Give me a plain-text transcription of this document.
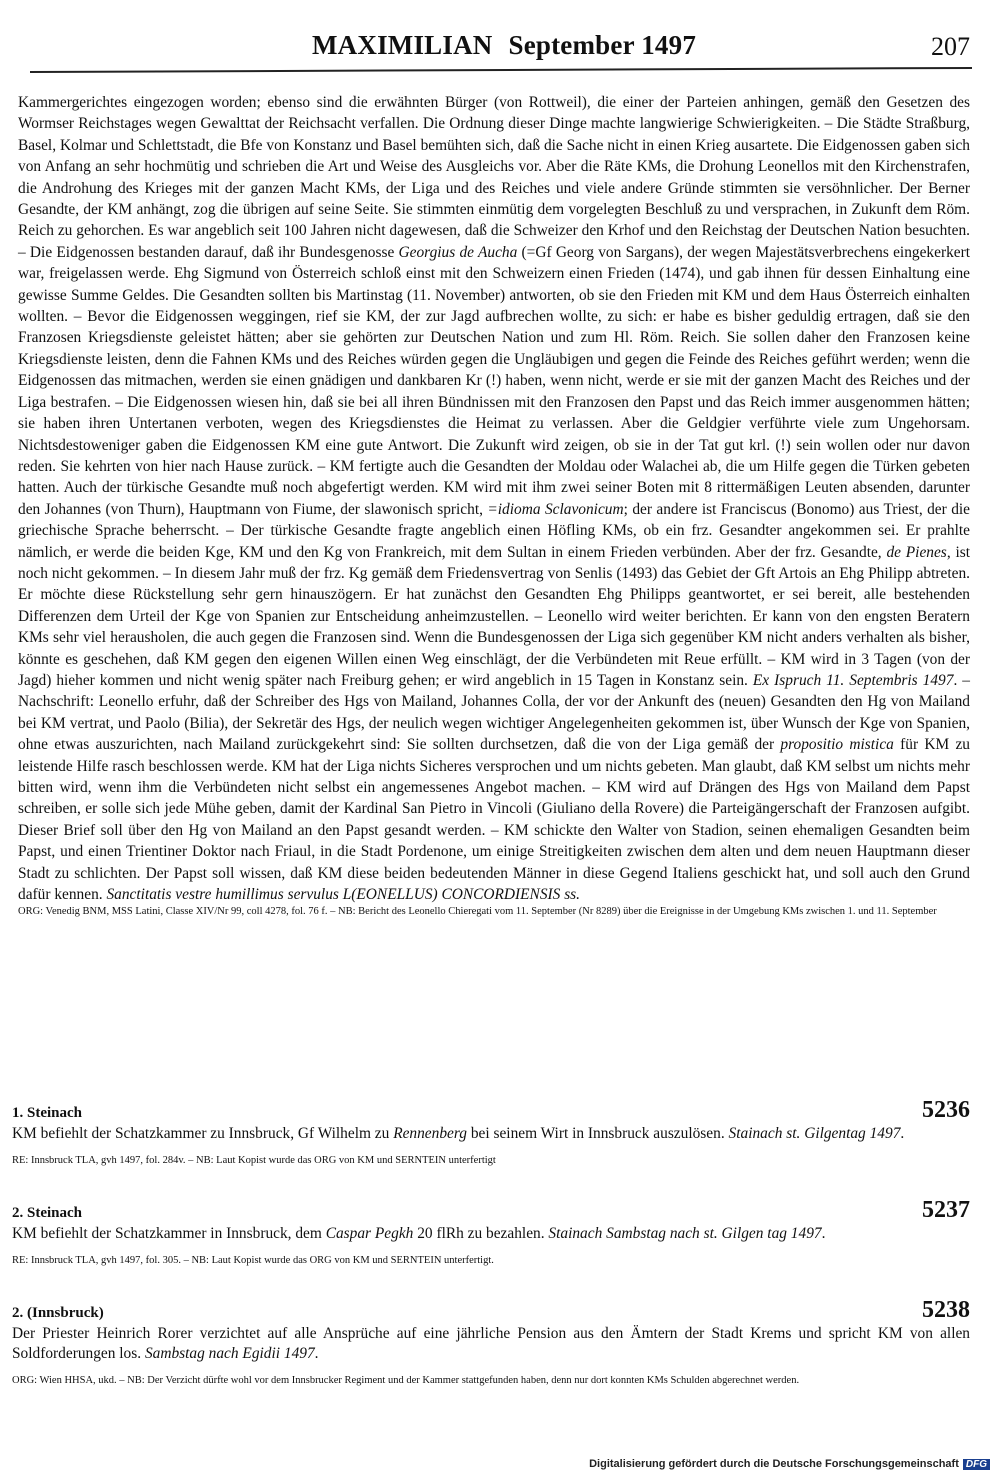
MAXIMILIAN September 1497	207

Kammergerichtes eingezogen worden; ebenso sind die erwähnten Bürger (von Rottweil), die einer der Parteien anhingen, gemäß den Gesetzen des Wormser Reichstages wegen Gewalttat der Reichsacht verfallen. Die Ordnung dieser Dinge machte langwierige Schwierigkeiten. – Die Städte Straßburg, Basel, Kolmar und Schlettstadt, die Bfe von Konstanz und Basel bemühten sich, daß die Sache nicht in einen Krieg ausartete. Die Eidgenossen gaben sich von Anfang an sehr hochmütig und schrieben die Art und Weise des Ausgleichs vor. Aber die Räte KMs, die Drohung Leonellos mit den Kirchenstrafen, die Androhung des Krieges mit der ganzen Macht KMs, der Liga und des Reiches und viele andere Gründe stimmten sie versöhnlicher. Der Berner Gesandte, der KM anhängt, zog die übrigen auf seine Seite. Sie stimmten einmütig dem vorgelegten Beschluß zu und versprachen, in Zukunft dem Röm. Reich zu gehorchen. Es war angeblich seit 100 Jahren nicht dagewesen, daß die Schweizer den Krhof und den Reichstag der Deutschen Nation besuchten. – Die Eidgenossen bestanden darauf, daß ihr Bundesgenosse Georgius de Aucha (=Gf Georg von Sargans), der wegen Majestätsverbrechens eingekerkert war, freigelassen werde. Ehg Sigmund von Österreich schloß einst mit den Schweizern einen Frieden (1474), und gab ihnen für dessen Einhaltung eine gewisse Summe Geldes. Die Gesandten sollten bis Martinstag (11. November) antworten, ob sie den Frieden mit KM und dem Haus Österreich einhalten wollten. – Bevor die Eidgenossen weggingen, rief sie KM, der zur Jagd aufbrechen wollte, zu sich: er habe es bisher geduldig ertragen, daß sie den Franzosen Kriegsdienste geleistet hätten; aber sie gehörten zur Deutschen Nation und zum Hl. Röm. Reich. Sie sollen daher den Franzosen keine Kriegsdienste leisten, denn die Fahnen KMs und des Reiches würden gegen die Ungläubigen und gegen die Feinde des Reiches geführt werden; wenn die Eidgenossen das mitmachen, werden sie einen gnädigen und dankbaren Kr (!) haben, wenn nicht, werde er sie mit der ganzen Macht des Reiches und der Liga bestrafen. – Die Eidgenossen wiesen hin, daß sie bei all ihren Bündnissen mit den Franzosen den Papst und das Reich immer ausgenommen hätten; sie haben ihren Untertanen verboten, wegen des Kriegsdienstes die Heimat zu verlassen. Aber die Geldgier verführte viele zum Ungehorsam. Nichtsdestoweniger gaben die Eidgenossen KM eine gute Antwort. Die Zukunft wird zeigen, ob sie in der Tat gut krl. (!) sein wollen oder nur davon reden. Sie kehrten von hier nach Hause zurück. – KM fertigte auch die Gesandten der Moldau oder Walachei ab, die um Hilfe gegen die Türken gebeten hatten. Auch der türkische Gesandte muß noch abgefertigt werden. KM wird mit ihm zwei seiner Boten mit 8 rittermäßigen Leuten absenden, darunter den Johannes (von Thurn), Hauptmann von Fiume, der slawonisch spricht, =idioma Sclavonicum; der andere ist Franciscus (Bonomo) aus Triest, der die griechische Sprache beherrscht. – Der türkische Gesandte fragte angeblich einen Höfling KMs, ob ein frz. Gesandter angekommen sei. Er prahlte nämlich, er werde die beiden Kge, KM und den Kg von Frankreich, mit dem Sultan in einem Frieden verbünden. Aber der frz. Gesandte, de Pienes, ist noch nicht gekommen. – In diesem Jahr muß der frz. Kg gemäß dem Friedensvertrag von Senlis (1493) das Gebiet der Gft Artois an Ehg Philipp abtreten. Er möchte diese Rückstellung sehr gern hinauszögern. Er hat zunächst den Gesandten Ehg Philipps geantwortet, er sei bereit, alle bestehenden Differenzen dem Urteil der Kge von Spanien zur Entscheidung anheimzustellen. – Leonello wird weiter berichten. Er kann von den engsten Beratern KMs sehr viel herausholen, die auch gegen die Franzosen sind. Wenn die Bundesgenossen der Liga sich gegenüber KM nicht anders verhalten als bisher, könnte es geschehen, daß KM gegen den eigenen Willen einen Weg einschlägt, der die Verbündeten mit Reue erfüllt. – KM wird in 3 Tagen (von der Jagd) hieher kommen und nicht wenig später nach Freiburg gehen; er wird angeblich in 15 Tagen in Konstanz sein. Ex Ispruch 11. Septembris 1497. – Nachschrift: Leonello erfuhr, daß der Schreiber des Hgs von Mailand, Johannes Colla, der vor der Ankunft des (neuen) Gesandten den Hg von Mailand bei KM vertrat, und Paolo (Bilia), der Sekretär des Hgs, der neulich wegen wichtiger Angelegenheiten gekommen ist, über Wunsch der Kge von Spanien, ohne etwas auszurichten, nach Mailand zurückgekehrt sind: Sie sollten durchsetzen, daß die von der Liga gemäß der propositio mistica für KM zu leistende Hilfe rasch beschlossen werde. KM hat der Liga nichts Sicheres versprochen und um nichts gebeten. Man glaubt, daß KM selbst um nichts mehr bitten wird, wenn ihm die Verbündeten nicht selbst ein angemessenes Angebot machen. – KM wird auf Drängen des Hgs von Mailand dem Papst schreiben, er solle sich jede Mühe geben, damit der Kardinal San Pietro in Vincoli (Giuliano della Rovere) die Parteigängerschaft der Franzosen aufgibt. Dieser Brief soll über den Hg von Mailand an den Papst gesandt werden. – KM schickte den Walter von Stadion, seinen ehemaligen Gesandten beim Papst, und einen Trientiner Doktor nach Friaul, in die Stadt Pordenone, um einige Streitigkeiten zwischen dem alten und dem neuen Hauptmann dieser Stadt zu schlichten. Der Papst soll wissen, daß KM diese beiden bedeutenden Männer in diese Gegend Italiens geschickt hat, und soll auch den Grund dafür kennen. Sanctitatis vestre humillimus servulus L(EONELLUS) CONCORDIENSIS ss.

ORG: Venedig BNM, MSS Latini, Classe XIV/Nr 99, coll 4278, fol. 76 f. – NB: Bericht des Leonello Chieregati vom 11. September (Nr 8289) über die Ereignisse in der Umgebung KMs zwischen 1. und 11. September

1. Steinach	5236
KM befiehlt der Schatzkammer zu Innsbruck, Gf Wilhelm zu Rennenberg bei seinem Wirt in Innsbruck auszulösen. Stainach st. Gilgentag 1497.
RE: Innsbruck TLA, gvh 1497, fol. 284v. – NB: Laut Kopist wurde das ORG von KM und SERNTEIN unterfertigt
2. Steinach	5237
KM befiehlt der Schatzkammer in Innsbruck, dem Caspar Pegkh 20 flRh zu bezahlen. Stainach Sambstag nach st. Gilgen tag 1497.
RE: Innsbruck TLA, gvh 1497, fol. 305. – NB: Laut Kopist wurde das ORG von KM und SERNTEIN unterfertigt.
2. (Innsbruck)	5238
Der Priester Heinrich Rorer verzichtet auf alle Ansprüche auf eine jährliche Pension aus den Ämtern der Stadt Krems und spricht KM von allen Soldforderungen los. Sambstag nach Egidii 1497.
ORG: Wien HHSA, ukd. – NB: Der Verzicht dürfte wohl vor dem Innsbrucker Regiment und der Kammer stattgefunden haben, denn nur dort konnten KMs Schulden abgerechnet werden.
Digitalisierung gefördert durch die Deutsche Forschungsgemeinschaft DFG
